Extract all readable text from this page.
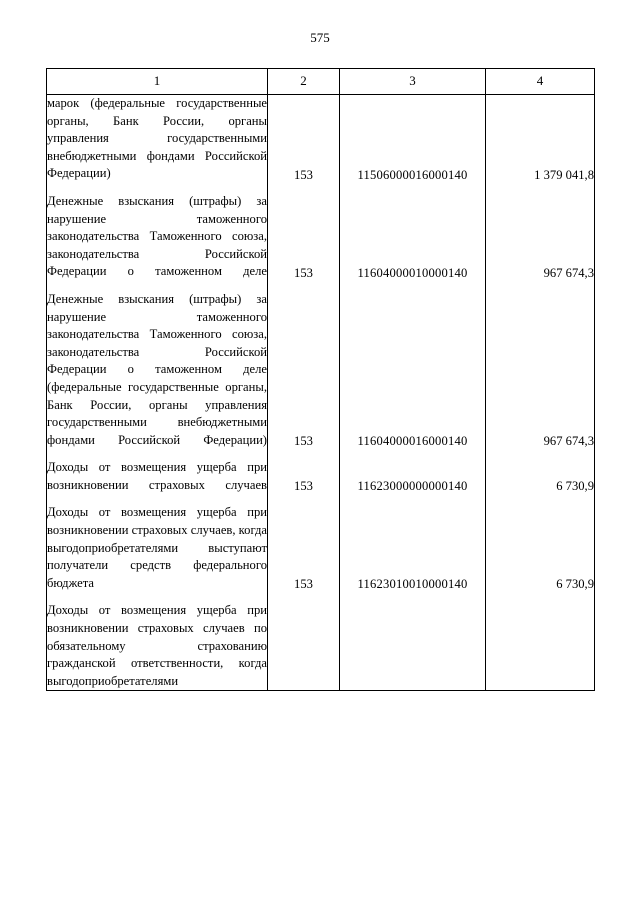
575
1	2	3	4
марок (федеральные государственные органы, Банк России, органы управления государственными внебюджетными фондами Российской Федерации)	153	11506000016000140	1 379 041,8

Денежные взыскания (штрафы) за нарушение таможенного законодательства Таможенного союза, законодательства Российской Федерации о таможенном деле	153	11604000010000140	967 674,3

Денежные взыскания (штрафы) за нарушение таможенного законодательства Таможенного союза, законодательства Российской Федерации о таможенном деле (федеральные государственные органы, Банк России, органы управления государственными внебюджетными фондами Российской Федерации)	153	11604000016000140	967 674,3

Доходы от возмещения ущерба при возникновении страховых случаев	153	11623000000000140	6 730,9

Доходы от возмещения ущерба при возникновении страховых случаев, когда выгодоприобретателями выступают получатели средств федерального бюджета	153	11623010010000140	6 730,9

Доходы от возмещения ущерба при возникновении страховых случаев по обязательному страхованию гражданской ответственности, когда выгодоприобретателями			
